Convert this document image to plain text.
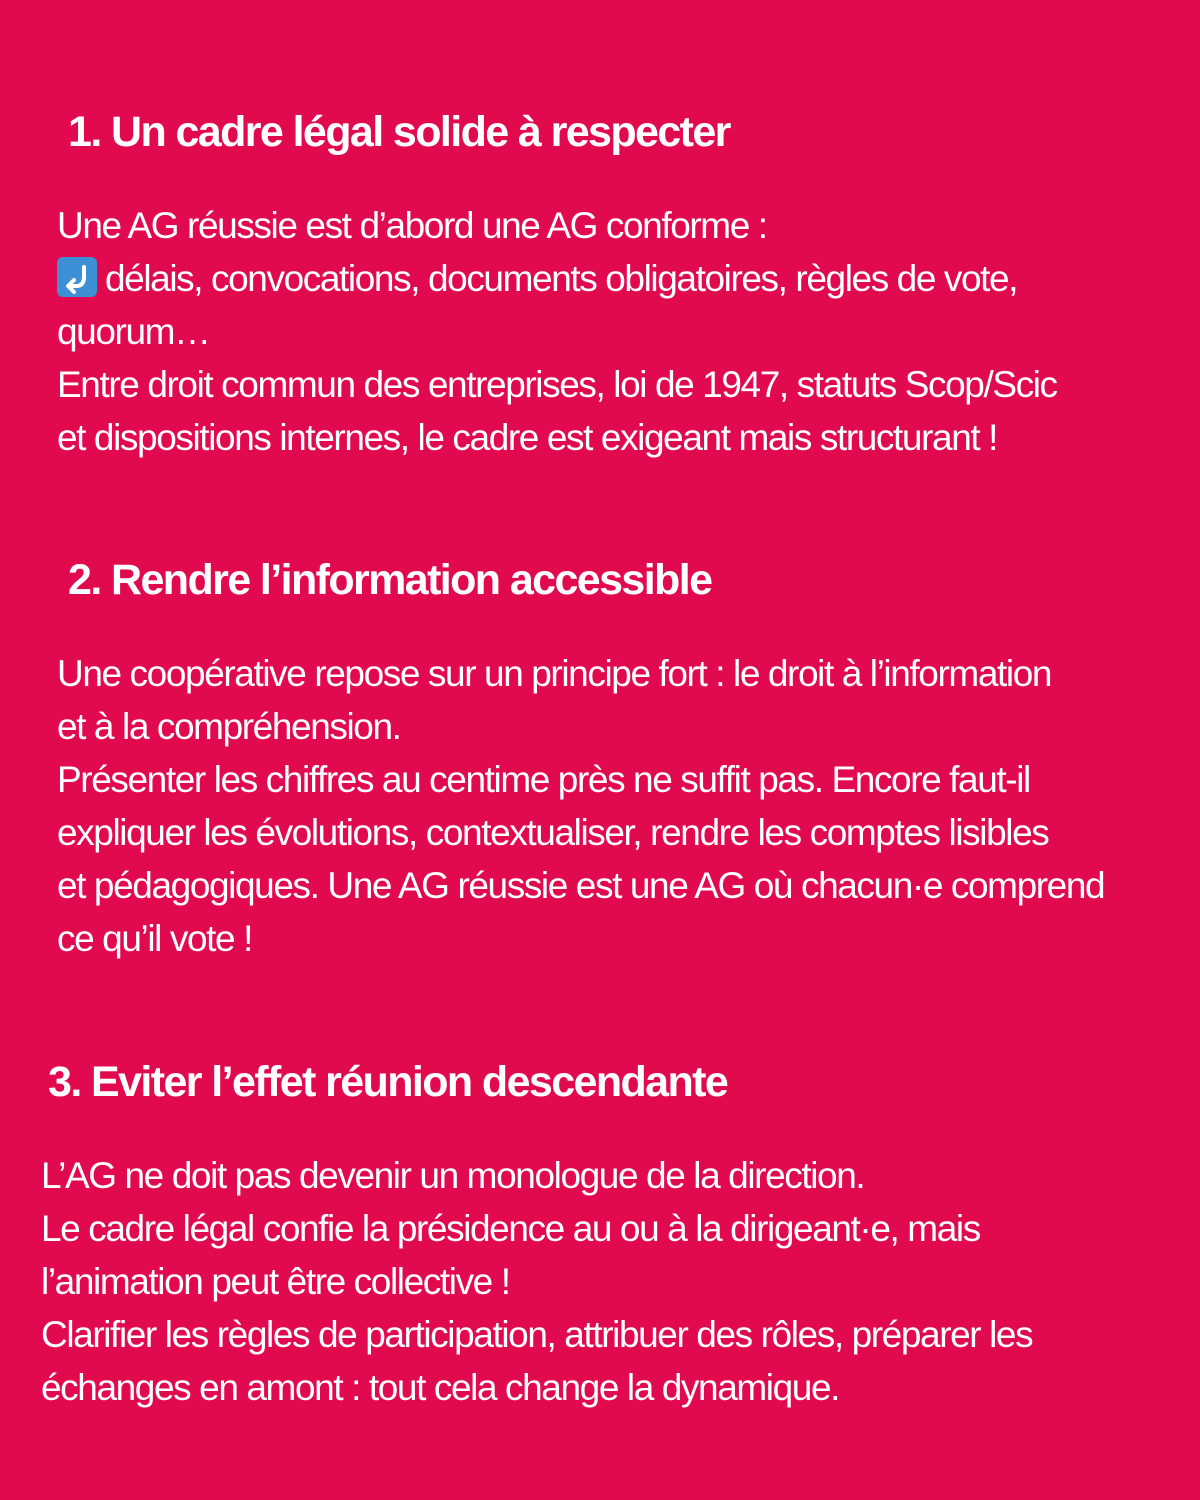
1. Un cadre légal solide à respecter
Une AG réussie est d’abord une AG conforme :
délais, convocations, documents obligatoires, règles de vote,
quorum…
Entre droit commun des entreprises, loi de 1947, statuts Scop/Scic
et dispositions internes, le cadre est exigeant mais structurant !
2. Rendre l’information accessible
Une coopérative repose sur un principe fort : le droit à l’information
et à la compréhension.
Présenter les chiffres au centime près ne suffit pas. Encore faut-il
expliquer les évolutions, contextualiser, rendre les comptes lisibles
et pédagogiques. Une AG réussie est une AG où chacun·e comprend
ce qu’il vote !
3. Eviter l’effet réunion descendante
L’AG ne doit pas devenir un monologue de la direction.
Le cadre légal confie la présidence au ou à la dirigeant·e, mais
l’animation peut être collective !
Clarifier les règles de participation, attribuer des rôles, préparer les
échanges en amont : tout cela change la dynamique.
